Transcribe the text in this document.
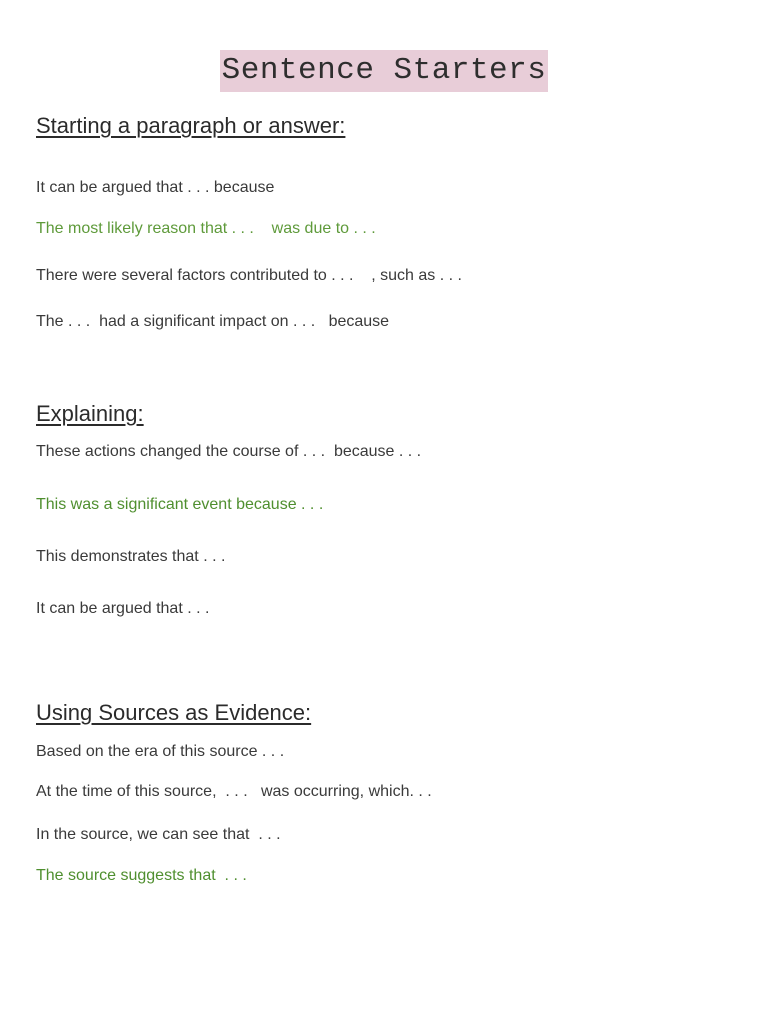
Sentence Starters
Starting a paragraph or answer:
It can be argued that . . . because
The most likely reason that . . .    was due to . . .
There were several factors contributed to . . .    , such as . . .
The . . .  had a significant impact on . . .   because
Explaining:
These actions changed the course of . . .  because . . .
This was a significant event because . . .
This demonstrates that . . .
It can be argued that . . .
Using Sources as Evidence:
Based on the era of this source . . .
At the time of this source,  . . .   was occurring, which. . .
In the source, we can see that  . . .
The source suggests that  . . .
